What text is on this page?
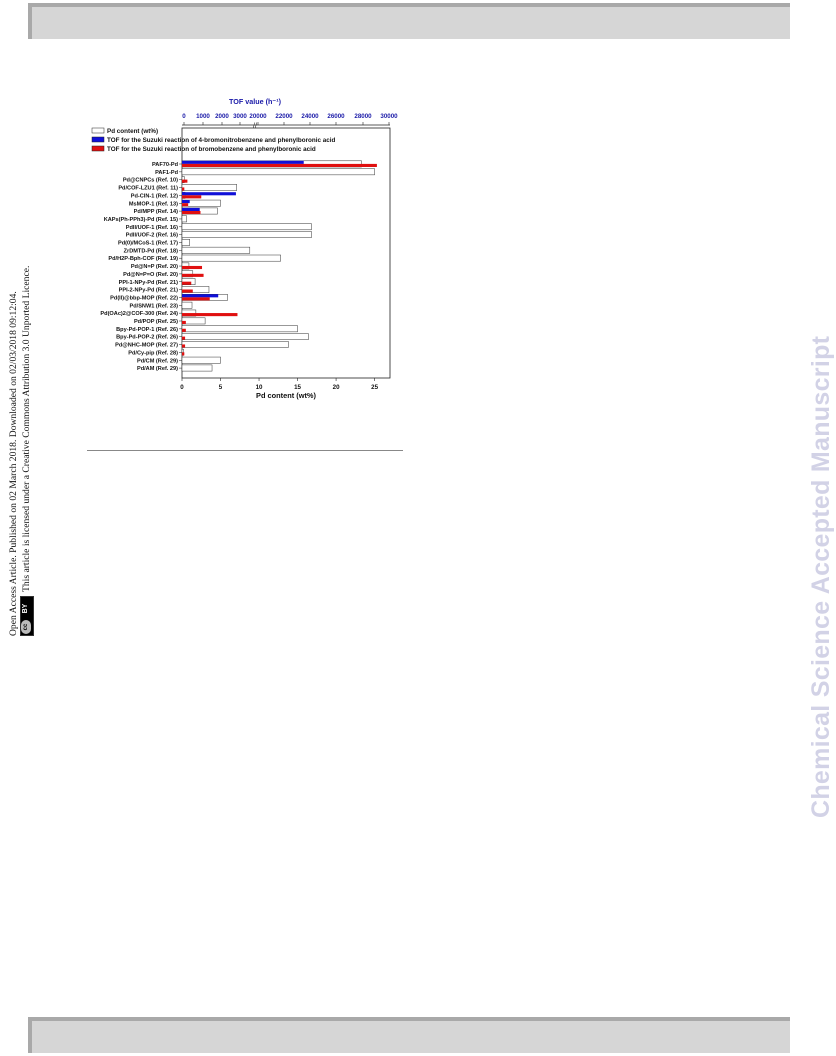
Open Access Article. Published on 02 March 2018. Downloaded on 02/03/2018 09:12:04. cc
BY
This article is licensed under a Creative Commons Attribution 3.0 Unported Licence.	Chemical Science Accepted Manuscript
TOF value (h⁻¹)
0 1000 2000 3000 20000 22000 24000 26000 28000 30000
//
0	5	10	15	20	25
Pd content (wt%)
Pd content (wt%)
TOF for the Suzuki reaction of 4-bromonitrobenzene and phenylboronic acid
TOF for the Suzuki reaction of bromobenzene and phenylboronic acid
PAF70-Pd
PAF1-Pd
Pd@CNPCs (Ref. 10)
Pd/COF-LZU1 (Ref. 11)
Pd-CIN-1 (Ref. 12)
MsMOP-1 (Ref. 13)
Pd/MPP (Ref. 14)
KAPs(Ph-PPh3)-Pd (Ref. 15)
PdII/UOF-1 (Ref. 16)
PdII/UOF-2 (Ref. 16)
Pd(0)/MCoS-1 (Ref. 17)
ZrDMTD-Pd (Ref. 18)
Pd/H2P-Bph-COF (Ref. 19)
Pd@N=P (Ref. 20)
Pd@N=P=O (Ref. 20)
PPI-1-NPy-Pd (Ref. 21)
PPI-2-NPy-Pd (Ref. 21)
Pd(II)@bbp-MOP (Ref. 22)
Pd/SNW1 (Ref. 23)
Pd(OAc)2@COF-300 (Ref. 24)
Pd/POP (Ref. 25)
Bpy-Pd-POP-1 (Ref. 26)
Bpy-Pd-POP-2 (Ref. 26)
Pd@NHC-MOP (Ref. 27)
Pd/Cy-pip (Ref. 28)
Pd/CM (Ref. 29)
Pd/AM (Ref. 29)
